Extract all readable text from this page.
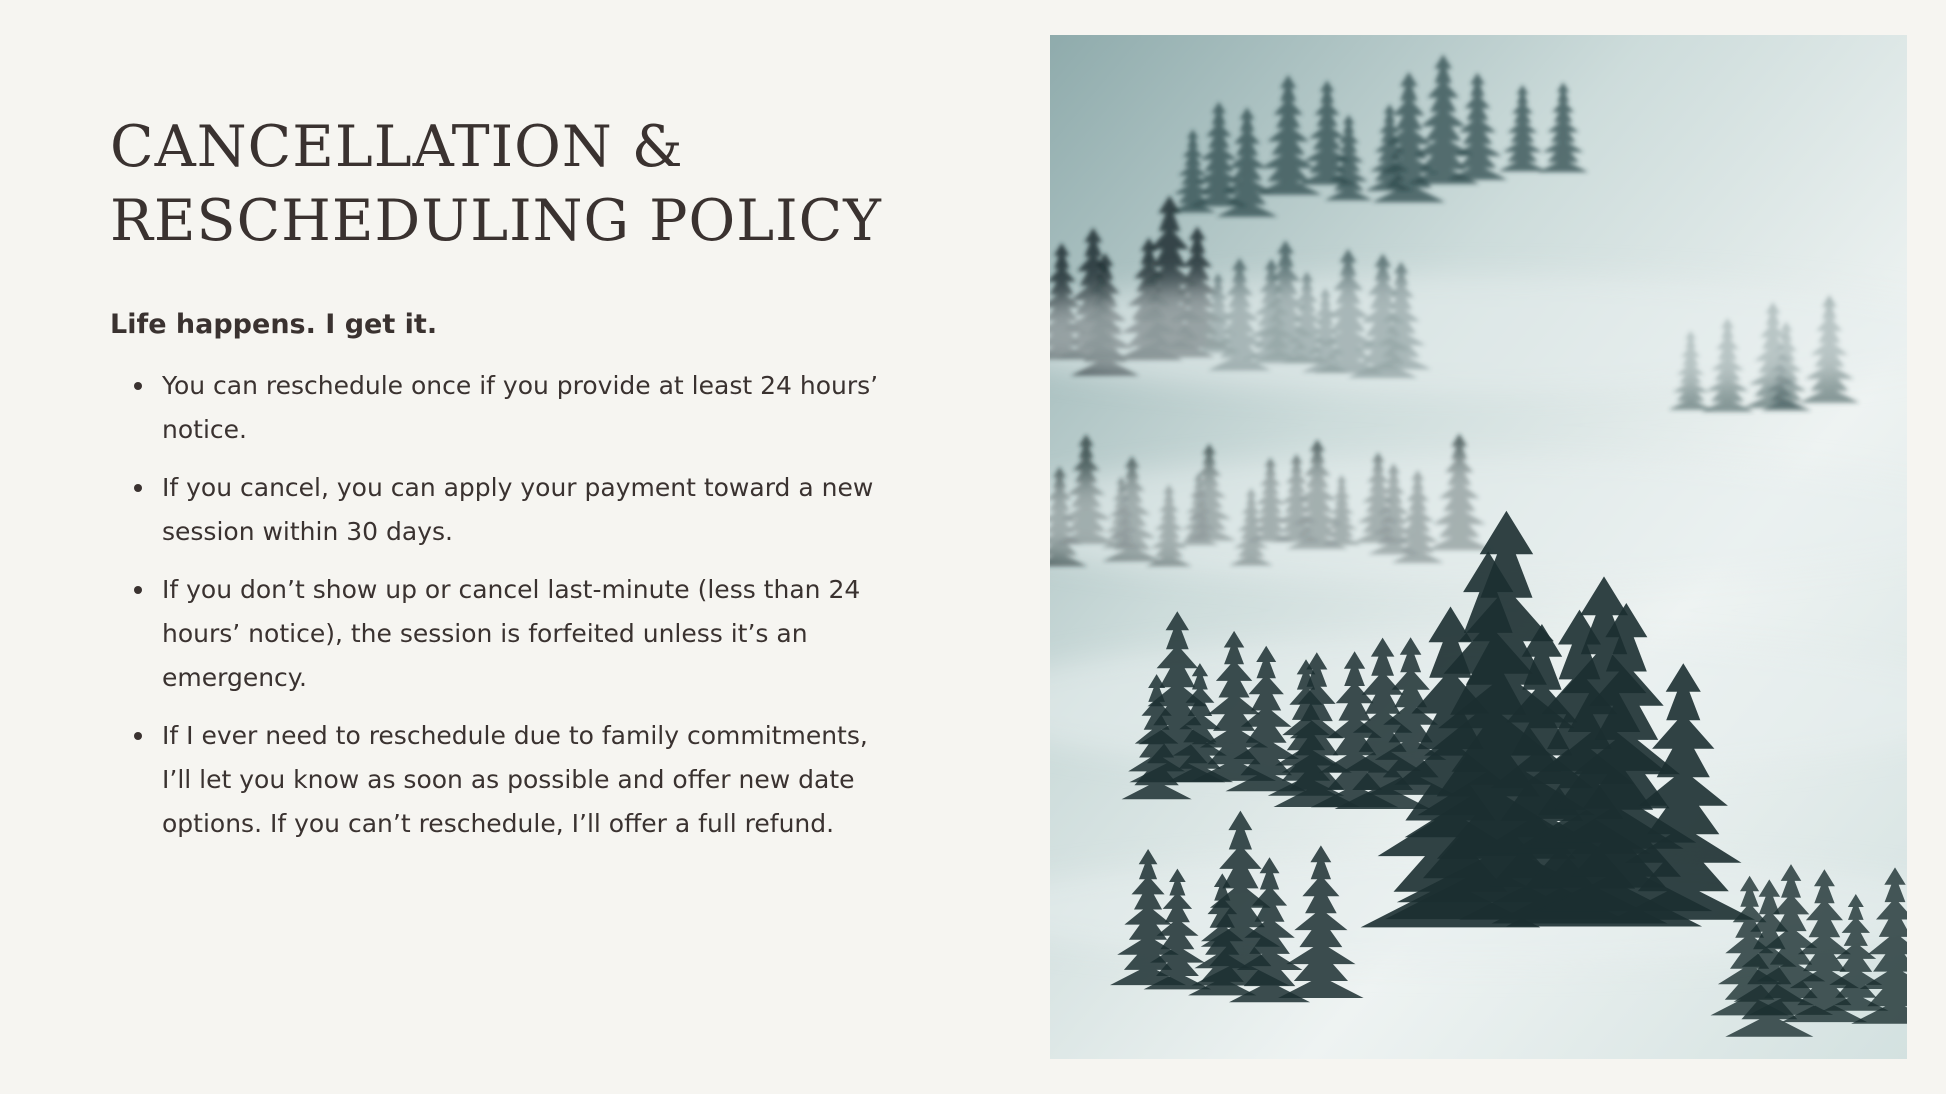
CANCELLATION &
RESCHEDULING POLICY

Life happens. I get it.

You can reschedule once if you provide at least 24 hours’ notice.
If you cancel, you can apply your payment toward a new session within 30 days.
If you don’t show up or cancel last-minute (less than 24 hours’ notice), the session is forfeited unless it’s an emergency.
If I ever need to reschedule due to family commitments, I’ll let you know as soon as possible and offer new date options. If you can’t reschedule, I’ll offer a full refund.
